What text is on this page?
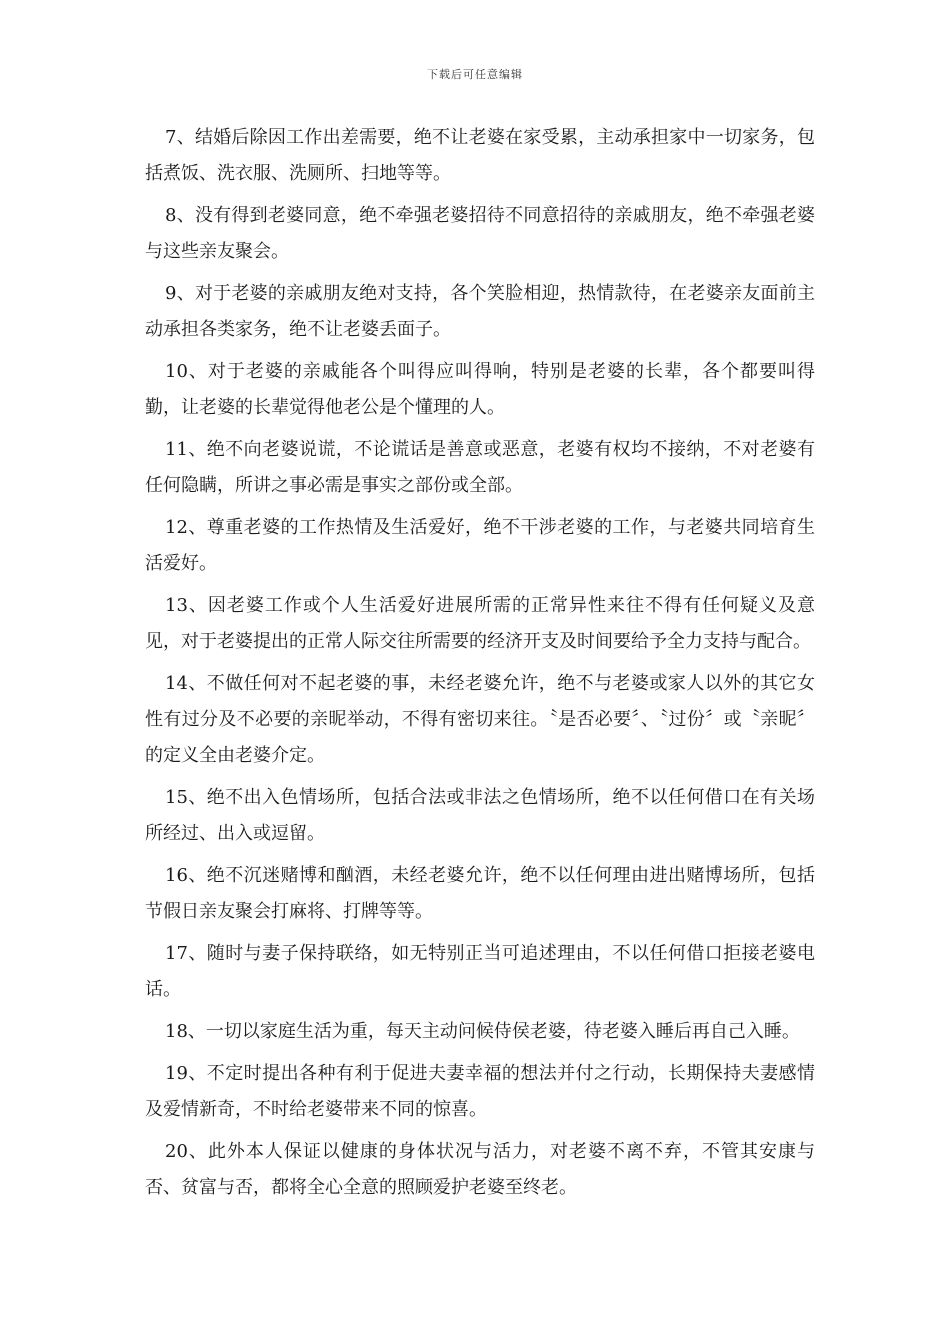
下载后可任意编辑

7、结婚后除因工作出差需要，绝不让老婆在家受累，主动承担家中一切家务，包括煮饭、洗衣服、洗厕所、扫地等等。

8、没有得到老婆同意，绝不牵强老婆招待不同意招待的亲戚朋友，绝不牵强老婆与这些亲友聚会。

9、对于老婆的亲戚朋友绝对支持，各个笑脸相迎，热情款待，在老婆亲友面前主动承担各类家务，绝不让老婆丢面子。

10、对于老婆的亲戚能各个叫得应叫得响，特别是老婆的长辈，各个都要叫得勤，让老婆的长辈觉得他老公是个懂理的人。

11、绝不向老婆说谎，不论谎话是善意或恶意，老婆有权均不接纳，不对老婆有任何隐瞒，所讲之事必需是事实之部份或全部。

12、尊重老婆的工作热情及生活爱好，绝不干涉老婆的工作，与老婆共同培育生活爱好。

13、因老婆工作或个人生活爱好进展所需的正常异性来往不得有任何疑义及意见，对于老婆提出的正常人际交往所需要的经济开支及时间要给予全力支持与配合。

14、不做任何对不起老婆的事，未经老婆允许，绝不与老婆或家人以外的其它女性有过分及不必要的亲昵举动，不得有密切来往。〝是否必要〞、〝过份〞或〝亲昵〞的定义全由老婆介定。

15、绝不出入色情场所，包括合法或非法之色情场所，绝不以任何借口在有关场所经过、出入或逗留。

16、绝不沉迷赌博和酗酒，未经老婆允许，绝不以任何理由进出赌博场所，包括节假日亲友聚会打麻将、打牌等等。

17、随时与妻子保持联络，如无特别正当可追述理由，不以任何借口拒接老婆电话。

18、一切以家庭生活为重，每天主动问候侍侯老婆，待老婆入睡后再自己入睡。

19、不定时提出各种有利于促进夫妻幸福的想法并付之行动，长期保持夫妻感情及爱情新奇，不时给老婆带来不同的惊喜。

20、此外本人保证以健康的身体状况与活力，对老婆不离不弃，不管其安康与否、贫富与否，都将全心全意的照顾爱护老婆至终老。
